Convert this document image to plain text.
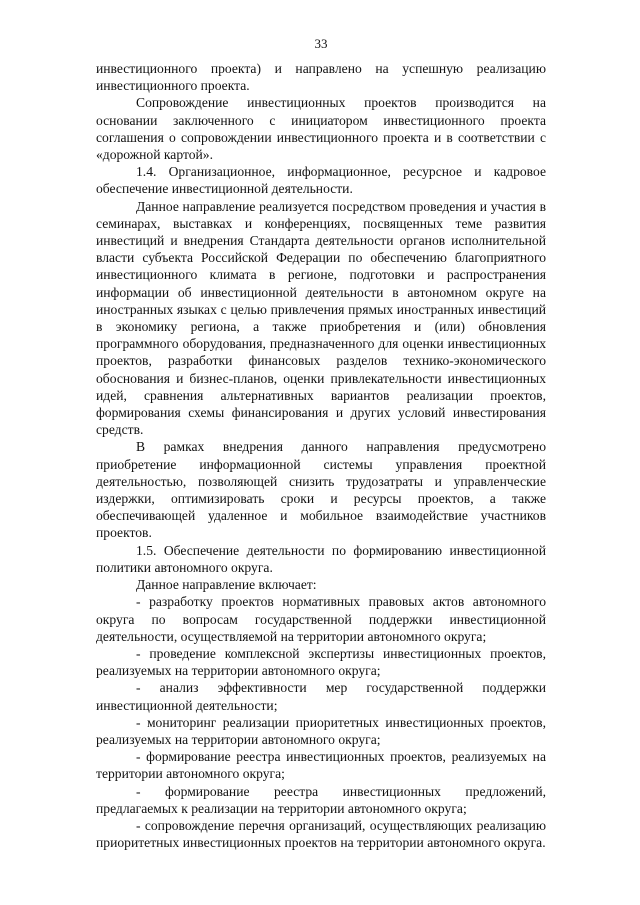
33

инвестиционного проекта) и направлено на успешную реализацию инвестиционного проекта.

Сопровождение инвестиционных проектов производится на основании заключенного с инициатором инвестиционного проекта соглашения о сопровождении инвестиционного проекта и в соответствии с «дорожной картой».

1.4. Организационное, информационное, ресурсное и кадровое обеспечение инвестиционной деятельности.

Данное направление реализуется посредством проведения и участия в семинарах, выставках и конференциях, посвященных теме развития инвестиций и внедрения Стандарта деятельности органов исполнительной власти субъекта Российской Федерации по обеспечению благоприятного инвестиционного климата в регионе, подготовки и распространения информации об инвестиционной деятельности в автономном округе на иностранных языках с целью привлечения прямых иностранных инвестиций в экономику региона, а также приобретения и (или) обновления программного оборудования, предназначенного для оценки инвестиционных проектов, разработки финансовых разделов технико-экономического обоснования и бизнес-планов, оценки привлекательности инвестиционных идей, сравнения альтернативных вариантов реализации проектов, формирования схемы финансирования и других условий инвестирования средств.

В рамках внедрения данного направления предусмотрено приобретение информационной системы управления проектной деятельностью, позволяющей снизить трудозатраты и управленческие издержки, оптимизировать сроки и ресурсы проектов, а также обеспечивающей удаленное и мобильное взаимодействие участников проектов.

1.5. Обеспечение деятельности по формированию инвестиционной политики автономного округа.

Данное направление включает:

- разработку проектов нормативных правовых актов автономного округа по вопросам государственной поддержки инвестиционной деятельности, осуществляемой на территории автономного округа;

- проведение комплексной экспертизы инвестиционных проектов, реализуемых на территории автономного округа;

- анализ эффективности мер государственной поддержки инвестиционной деятельности;

- мониторинг реализации приоритетных инвестиционных проектов, реализуемых на территории автономного округа;

- формирование реестра инвестиционных проектов, реализуемых на территории автономного округа;

- формирование реестра инвестиционных предложений, предлагаемых к реализации на территории автономного округа;

- сопровождение перечня организаций, осуществляющих реализацию приоритетных инвестиционных проектов на территории автономного округа.
